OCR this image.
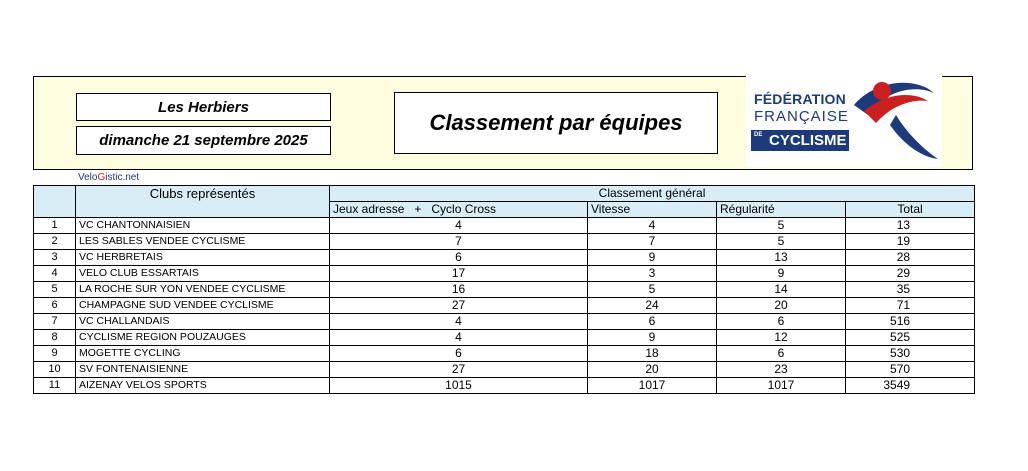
Les Herbiers
dimanche 21 septembre 2025
Classement par équipes
FÉDÉRATION
FRANÇAISE
DE CYCLISME
VeloGistic.net
	Clubs représentés	Classement général			
		Jeux adresse   +   Cyclo Cross	Vitesse	Régularité	Total
1	VC CHANTONNAISIEN	4	4	5	13
2	LES SABLES VENDEE CYCLISME	7	7	5	19
3	VC HERBRETAIS	6	9	13	28
4	VELO CLUB ESSARTAIS	17	3	9	29
5	LA ROCHE SUR YON VENDEE CYCLISME	16	5	14	35
6	CHAMPAGNE SUD VENDEE CYCLISME	27	24	20	71
7	VC CHALLANDAIS	4	6	6	516
8	CYCLISME REGION POUZAUGES	4	9	12	525
9	MOGETTE CYCLING	6	18	6	530
10	SV FONTENAISIENNE	27	20	23	570
11	AIZENAY VELOS SPORTS	1015	1017	1017	3549
